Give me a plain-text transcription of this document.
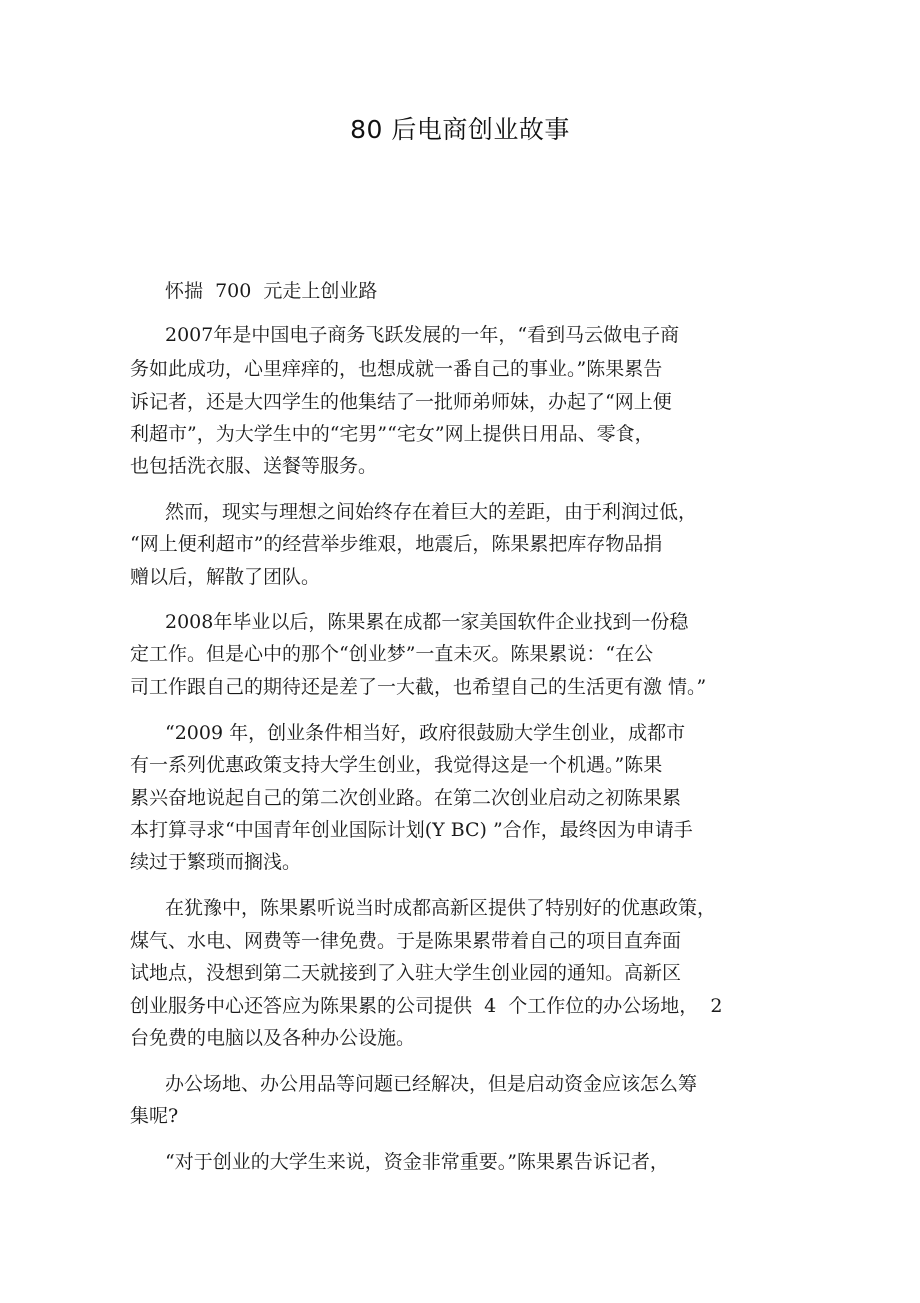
80 后电商创业故事
怀揣  700  元走上创业路
2007年是中国电子商务飞跃发展的一年，“看到马云做电子商
务如此成功，心里痒痒的，也想成就一番自己的事业。”陈果累告
诉记者，还是大四学生的他集结了一批师弟师妹，办起了“网上便
利超市”，为大学生中的“宅男”“宅女”网上提供日用品、零食，
也包括洗衣服、送餐等服务。
然而，现实与理想之间始终存在着巨大的差距，由于利润过低，
“网上便利超市”的经营举步维艰，地震后，陈果累把库存物品捐
赠以后，解散了团队。
2008年毕业以后，陈果累在成都一家美国软件企业找到一份稳
定工作。但是心中的那个“创业梦”一直未灭。陈果累说：“在公
司工作跟自己的期待还是差了一大截，也希望自己的生活更有激 情。”
“2009 年，创业条件相当好，政府很鼓励大学生创业，成都市
有一系列优惠政策支持大学生创业，我觉得这是一个机遇。”陈果
累兴奋地说起自己的第二次创业路。在第二次创业启动之初陈果累
本打算寻求“中国青年创业国际计划(Y BC) ”合作，最终因为申请手
续过于繁琐而搁浅。
在犹豫中，陈果累听说当时成都高新区提供了特别好的优惠政策，
煤气、水电、网费等一律免费。于是陈果累带着自己的项目直奔面
试地点，没想到第二天就接到了入驻大学生创业园的通知。高新区
创业服务中心还答应为陈果累的公司提供  4  个工作位的办公场地，  2
台免费的电脑以及各种办公设施。
办公场地、办公用品等问题已经解决，但是启动资金应该怎么筹
集呢?
“对于创业的大学生来说，资金非常重要。”陈果累告诉记者，
